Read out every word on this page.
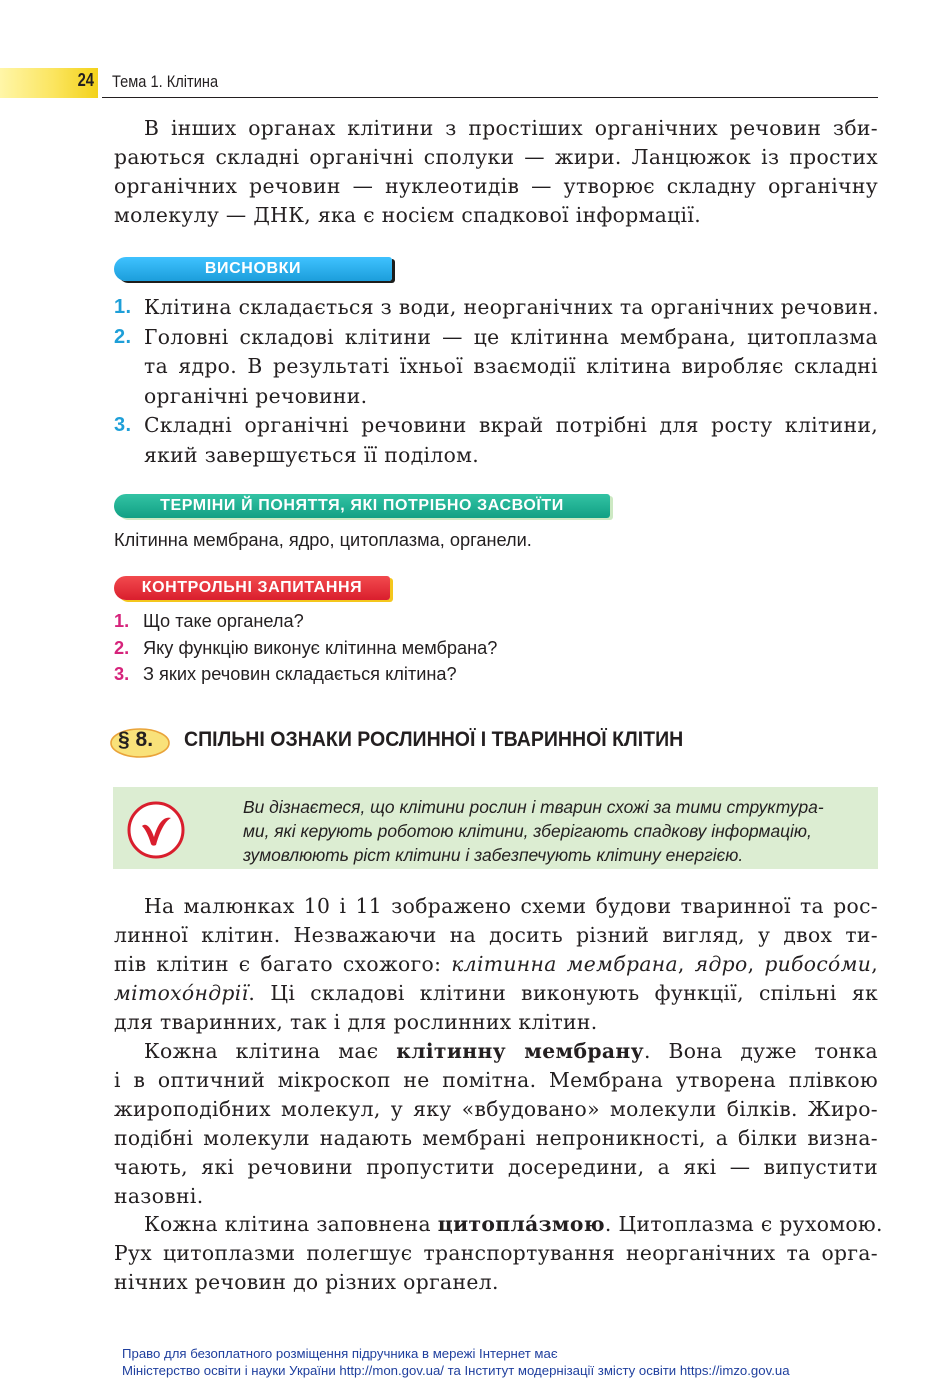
24 Тема 1. Клітина
В інших органах клітини з простіших органічних речовин зби-
раються складні органічні сполуки — жири. Ланцюжок із простих
органічних речовин — нуклеотидів — утворює складну органічну
молекулу — ДНК, яка є носієм спадкової інформації.
ВИСНОВКИ
1. Клітина складається з води, неорганічних та органічних речовин.
2. Головні складові клітини — це клітинна мембрана, цитоплазма
та ядро. В результаті їхньої взаємодії клітина виробляє складні
органічні речовини.
3. Складні органічні речовини вкрай потрібні для росту клітини,
який завершується її поділом.
ТЕРМІНИ Й ПОНЯТТЯ, ЯКІ ПОТРІБНО ЗАСВОЇТИ
Клітинна мембрана, ядро, цитоплазма, органели.
КОНТРОЛЬНІ ЗАПИТАННЯ
1. Що таке органела?
2. Яку функцію виконує клітинна мембрана?
3. З яких речовин складається клітина?
§ 8. СПІЛЬНІ ОЗНАКИ РОСЛИННОЇ І ТВАРИННОЇ КЛІТИН
Ви дізнаєтеся, що клітини рослин і тварин схожі за тими структура-
ми, які керують роботою клітини, зберігають спадкову інформацію,
зумовлюють ріст клітини і забезпечують клітину енергією.
На малюнках 10 і 11 зображено схеми будови тваринної та рос-
линної клітин. Незважаючи на досить різний вигляд, у двох ти-
пів клітин є багато схожого: клітинна мембрана, ядро, рибосо́ми,
мітохо́ндрії. Ці складові клітини виконують функції, спільні як
для тваринних, так і для рослинних клітин.
Кожна клітина має клітинну мембрану. Вона дуже тонка
і в оптичний мікроскоп не помітна. Мембрана утворена плівкою
жироподібних молекул, у яку «вбудовано» молекули білків. Жиро-
подібні молекули надають мембрані непроникності, а білки визна-
чають, які речовини пропустити досередини, а які — випустити
назовні.
Кожна клітина заповнена цитопла́змою. Цитоплазма є рухомою.
Рух цитоплазми полегшує транспортування неорганічних та орга-
нічних речовин до різних органел.
Право для безоплатного розміщення підручника в мережі Інтернет має
Міністерство освіти і науки України http://mon.gov.ua/ та Інститут модернізації змісту освіти https://imzo.gov.ua
